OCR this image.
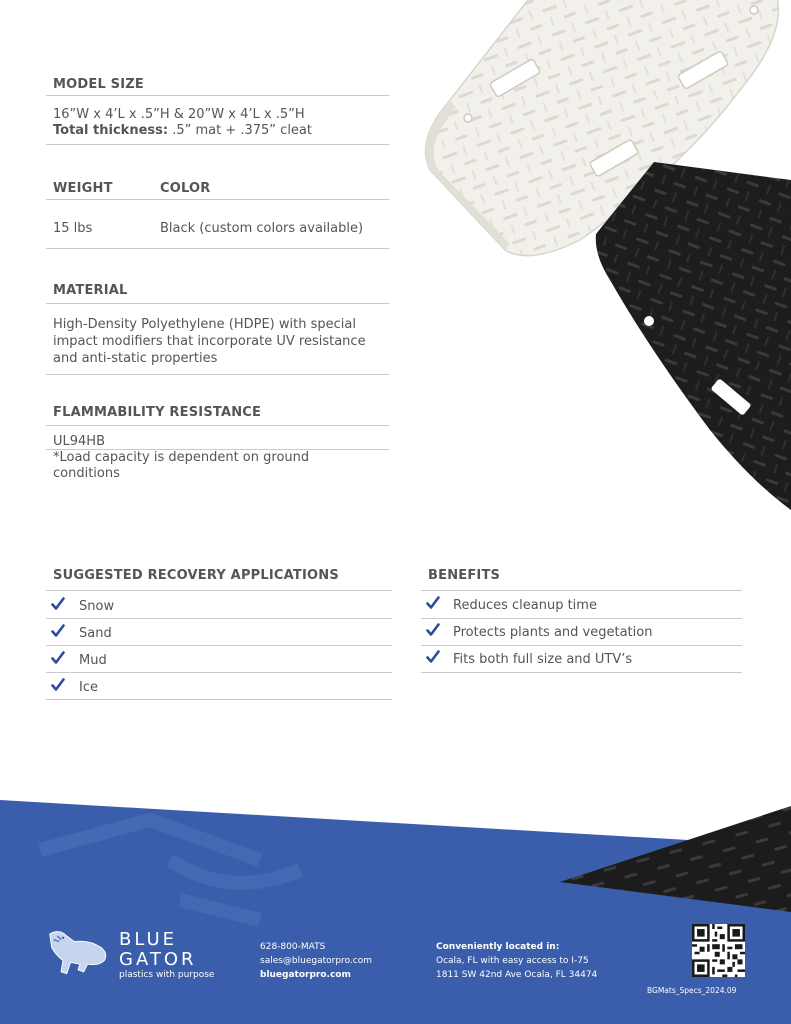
MODEL SIZE
16”W x 4’L x .5”H & 20”W x 4’L x .5”H
Total thickness: .5” mat + .375” cleat
WEIGHT	COLOR
15 lbs	Black (custom colors available)
MATERIAL
High-Density Polyethylene (HDPE) with special
impact modifiers that incorporate UV resistance
and anti-static properties
FLAMMABILITY RESISTANCE
UL94HB
*Load capacity is dependent on ground
conditions
SUGGESTED RECOVERY APPLICATIONS
Snow
Sand
Mud
Ice
BENEFITS
Reduces cleanup time
Protects plants and vegetation
Fits both full size and UTV’s
BLUE
GATOR
plastics with purpose
628-800-MATS
sales@bluegatorpro.com
bluegatorpro.com
Conveniently located in:
Ocala, FL with easy access to I-75
1811 SW 42nd Ave Ocala, FL 34474
BGMats_Specs_2024.09
